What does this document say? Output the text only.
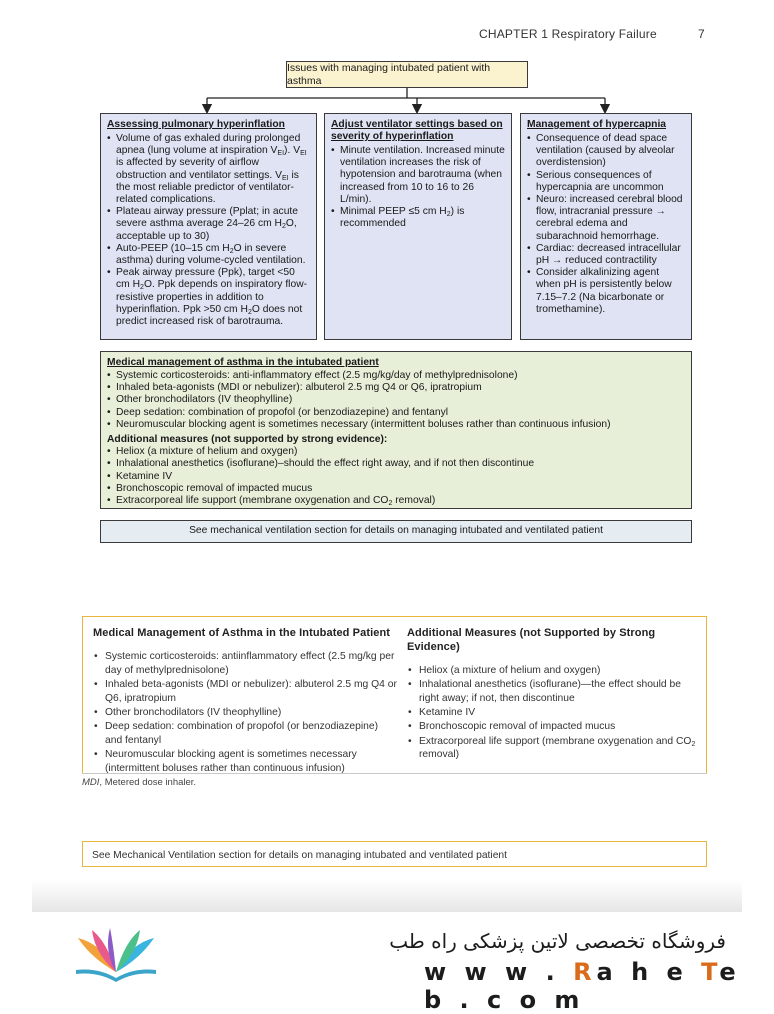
CHAPTER 1 Respiratory Failure	7
Issues with managing intubated patient with asthma
Assessing pulmonary hyperinflation
• Volume of gas exhaled during prolonged apnea (lung volume at inspiration $V_{EI}$). $V_{EI}$ is affected by severity of airflow obstruction and ventilator settings. $V_{EI}$ is the most reliable predictor of ventilator-related complications.
• Plateau airway pressure (Pplat; in acute severe asthma average 24–26 cm $H_2O$, acceptable up to 30)
• Auto-PEEP (10–15 cm $H_2O$ in severe asthma) during volume-cycled ventilation.
• Peak airway pressure (Ppk), target <50 cm $H_2O$. Ppk depends on inspiratory flow-resistive properties in addition to hyperinflation. Ppk >50 cm $H_2O$ does not predict increased risk of barotrauma.
Adjust ventilator settings based on severity of hyperinflation
• Minute ventilation. Increased minute ventilation increases the risk of hypotension and barotrauma (when increased from 10 to 16 to 26 L/min).
• Minimal PEEP ≤5 cm $H_2$) is recommended
Management of hypercapnia
• Consequence of dead space ventilation (caused by alveolar overdistension)
• Serious consequences of hypercapnia are uncommon
• Neuro: increased cerebral blood flow, intracranial pressure → cerebral edema and subarachnoid hemorrhage.
• Cardiac: decreased intracellular pH → reduced contractility
• Consider alkalinizing agent when pH is persistently below 7.15–7.2 (Na bicarbonate or tromethamine).
Medical management of asthma in the intubated patient
• Systemic corticosteroids: anti-inflammatory effect (2.5 mg/kg/day of methylprednisolone)
• Inhaled beta-agonists (MDI or nebulizer): albuterol 2.5 mg Q4 or Q6, ipratropium
• Other bronchodilators (IV theophylline)
• Deep sedation: combination of propofol (or benzodiazepine) and fentanyl
• Neuromuscular blocking agent is sometimes necessary (intermittent boluses rather than continuous infusion)
Additional measures (not supported by strong evidence):
• Heliox (a mixture of helium and oxygen)
• Inhalational anesthetics (isoflurane)–should the effect right away, and if not then discontinue
• Ketamine IV
• Bronchoscopic removal of impacted mucus
• Extracorporeal life support (membrane oxygenation and $CO_2$ removal)
See mechanical ventilation section for details on managing intubated and ventilated patient
Medical Management of Asthma in the Intubated Patient
• Systemic corticosteroids: antiinflammatory effect (2.5 mg/kg per day of methylprednisolone)
• Inhaled beta-agonists (MDI or nebulizer): albuterol 2.5 mg Q4 or Q6, ipratropium
• Other bronchodilators (IV theophylline)
• Deep sedation: combination of propofol (or benzodiazepine) and fentanyl
• Neuromuscular blocking agent is sometimes necessary (intermittent boluses rather than continuous infusion)
Additional Measures (not Supported by Strong Evidence)
• Heliox (a mixture of helium and oxygen)
• Inhalational anesthetics (isoflurane)—the effect should be right away; if not, then discontinue
• Ketamine IV
• Bronchoscopic removal of impacted mucus
• Extracorporeal life support (membrane oxygenation and $CO_2$ removal)
MDI, Metered dose inhaler.
See Mechanical Ventilation section for details on managing intubated and ventilated patient
فروشگاه تخصصی لاتین پزشکی راه طب
w w w . Ra h e Te b . c o m
